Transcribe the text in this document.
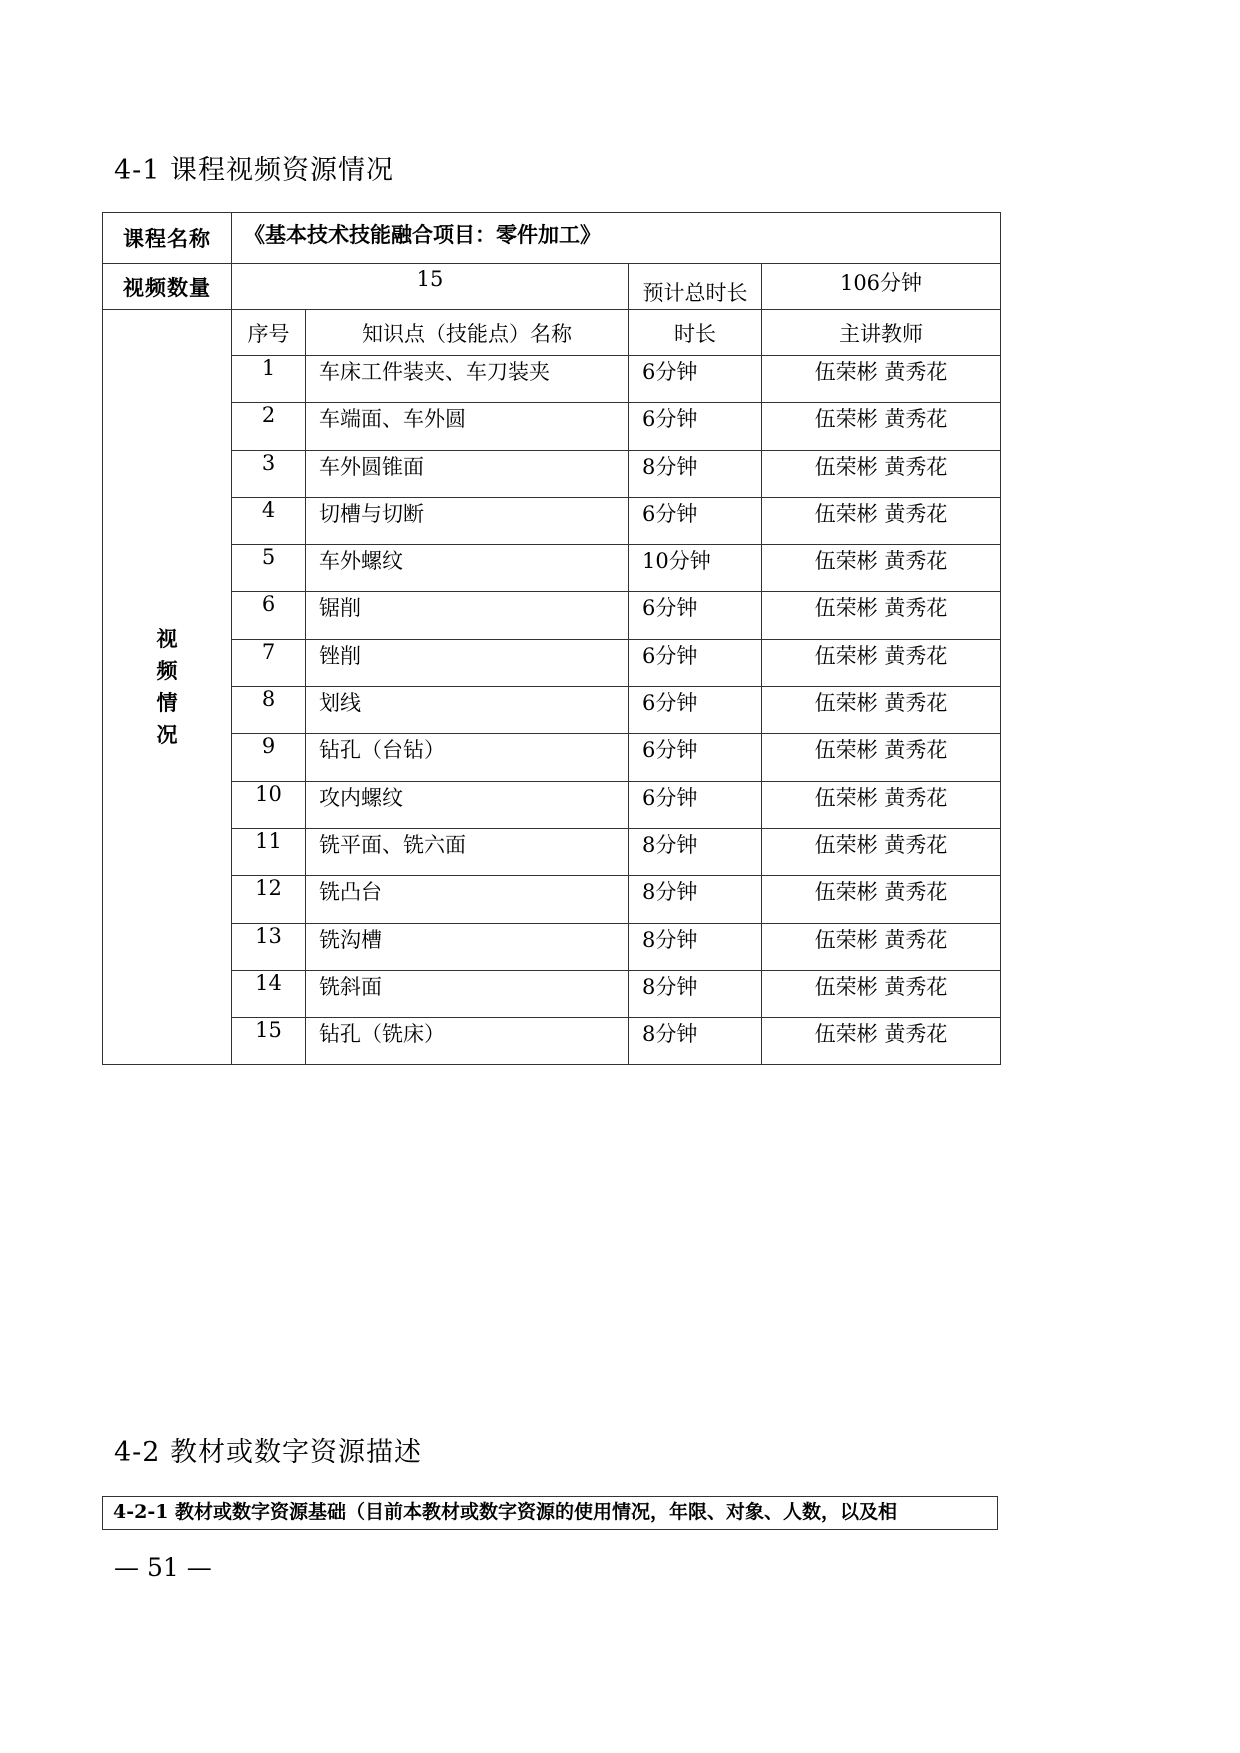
4-1 课程视频资源情况
课程名称	《基本技术技能融合项目：零件加工》			
视频数量	15		预计总时长	106分钟
视频情况	序号	知识点（技能点）名称	时长	主讲教师
	1	车床工件装夹、车刀装夹	6分钟	伍荣彬 黄秀花
	2	车端面、车外圆	6分钟	伍荣彬 黄秀花
	3	车外圆锥面	8分钟	伍荣彬 黄秀花
	4	切槽与切断	6分钟	伍荣彬 黄秀花
	5	车外螺纹	10分钟	伍荣彬 黄秀花
	6	锯削	6分钟	伍荣彬 黄秀花
	7	锉削	6分钟	伍荣彬 黄秀花
	8	划线	6分钟	伍荣彬 黄秀花
	9	钻孔（台钻）	6分钟	伍荣彬 黄秀花
	10	攻内螺纹	6分钟	伍荣彬 黄秀花
	11	铣平面、铣六面	8分钟	伍荣彬 黄秀花
	12	铣凸台	8分钟	伍荣彬 黄秀花
	13	铣沟槽	8分钟	伍荣彬 黄秀花
	14	铣斜面	8分钟	伍荣彬 黄秀花
	15	钻孔（铣床）	8分钟	伍荣彬 黄秀花
4-2 教材或数字资源描述
4-2-1 教材或数字资源基础（目前本教材或数字资源的使用情况，年限、对象、人数，以及相
— 51 —
